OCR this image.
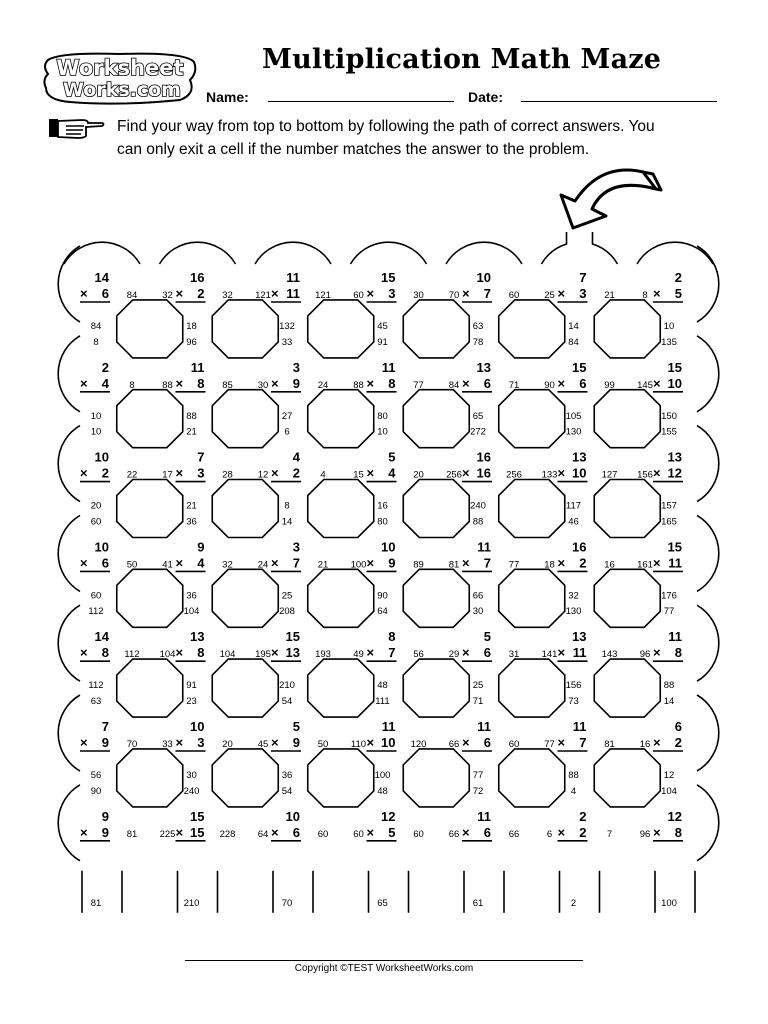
Worksheet
Works.com
Multiplication Math Maze
Name:	Date:
Find your way from top to bottom by following the path of correct answers. You
can only exit a cell if the number matches the answer to the problem.
14
× 6
16
× 2
11
× 11
15
× 3
10
× 7
7
× 3
2
× 5
2
× 4
11
× 8
3
× 9
11
× 8
13
× 6
15
× 6
15
× 10
10
× 2
7
× 3
4
× 2
5
× 4
16
× 16
13
× 10
13
× 12
10
× 6
9
× 4
3
× 7
10
× 9
11
× 7
16
× 2
15
× 11
14
× 8
13
× 8
15
× 13
8
× 7
5
× 6
13
× 11
11
× 8
7
× 9
10
× 3
5
× 9
11
× 10
11
× 6
11
× 7
6
× 2
9
× 9
15
× 15
10
× 6
12
× 5
11
× 6
2
× 2
12
× 8
84	32	32 121	121 60	30	70	60	25	21	8
8	88	85	30	24	88	77	84	71	90	99 145
22	17	28	12	4	15	20 256	256 133	127 156
50	41	32	24	21 100	89	81	77	18	16 161
112 104	104 195	193 49	56	29	31 141	143 96
70	33	20	45	50 110	120 66	60	77	81	16
81 225	228 64	60	60	60	66	66	6	7	96
84
8
18
96
132
33
45
91
63
78
14
84
10
135
10
10
88
21
27
6
80
10
65
272
105
130
150
155
20
60
21
36
8
14
16
80
240
88
117
46
157
165
60
112
36
104
25
208
90
64
66
30
32
130
176
77
112
63
91
23
210
54
48
111
25
71
156
73
88
14
56
90
30
240
36
54
100
48
77
72
88
4
12
104
81	210	70	65	61	2	100
Copyright ©TEST WorksheetWorks.com
